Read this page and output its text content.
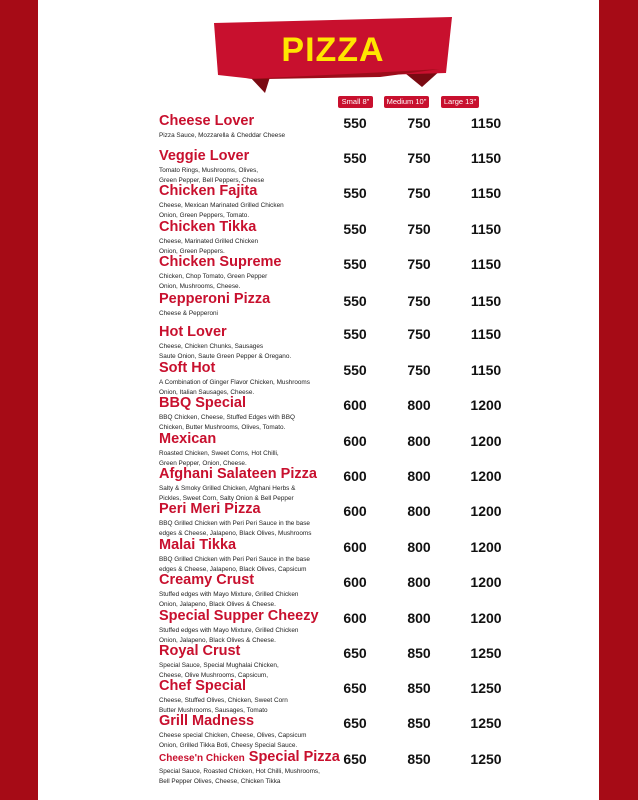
PIZZA
Small 8"	Medium 10"	Large 13"
Cheese Lover
Pizza Sauce, Mozzarella & Cheddar Cheese
550	750	1150
Veggie Lover
Tomato Rings, Mushrooms, Olives,
Green Pepper, Bell Peppers, Cheese
550	750	1150
Chicken Fajita
Cheese, Mexican Marinated Grilled Chicken
Onion, Green Peppers, Tomato.
550	750	1150
Chicken Tikka
Cheese, Marinated Grilled Chicken
Onion, Green Peppers.
550	750	1150
Chicken Supreme
Chicken, Chop Tomato, Green Pepper
Onion, Mushrooms, Cheese.
550	750	1150
Pepperoni Pizza
Cheese & Pepperoni
550	750	1150
Hot Lover
Cheese, Chicken Chunks, Sausages
Saute Onion, Saute Green Pepper & Oregano.
550	750	1150
Soft Hot
A Combination of Ginger Flavor Chicken, Mushrooms
Onion, Italian Sausages, Cheese.
550	750	1150
BBQ Special
BBQ Chicken, Cheese, Stuffed Edges with BBQ
Chicken, Butter Mushrooms, Olives, Tomato.
600	800	1200
Mexican
Roasted Chicken, Sweet Corns, Hot Chilli,
Green Pepper, Onion, Cheese.
600	800	1200
Afghani Salateen Pizza
Salty & Smoky Grilled Chicken, Afghani Herbs &
Pickles, Sweet Corn, Salty Onion & Bell Pepper
600	800	1200
Peri Meri Pizza
BBQ Grilled Chicken with Peri Peri Sauce in the base
edges & Cheese, Jalapeno, Black Olives, Mushrooms
600	800	1200
Malai Tikka
BBQ Grilled Chicken with Peri Peri Sauce in the base
edges & Cheese, Jalapeno, Black Olives, Capsicum
600	800	1200
Creamy Crust
Stuffed edges with Mayo Mixture, Grilled Chicken
Onion, Jalapeno, Black Olives & Cheese.
600	800	1200
Special Supper Cheezy
Stuffed edges with Mayo Mixture, Grilled Chicken
Onion, Jalapeno, Black Olives & Cheese.
600	800	1200
Royal Crust
Special Sauce, Special Mughalai Chicken,
Cheese, Olive Mushrooms, Capsicum,
650	850	1250
Chef Special
Cheese, Stuffed Olives, Chicken, Sweet Corn
Butter Mushrooms, Sausages, Tomato
650	850	1250
Grill Madness
Cheese special Chicken, Cheese, Olives, Capsicum
Onion, Grilled Tikka Boti, Cheesy Special Sauce.
650	850	1250
Cheese'n Chicken Special Pizza
Special Sauce, Roasted Chicken, Hot Chilli, Mushrooms,
Bell Pepper Olives, Cheese, Chicken Tikka
650	850	1250
